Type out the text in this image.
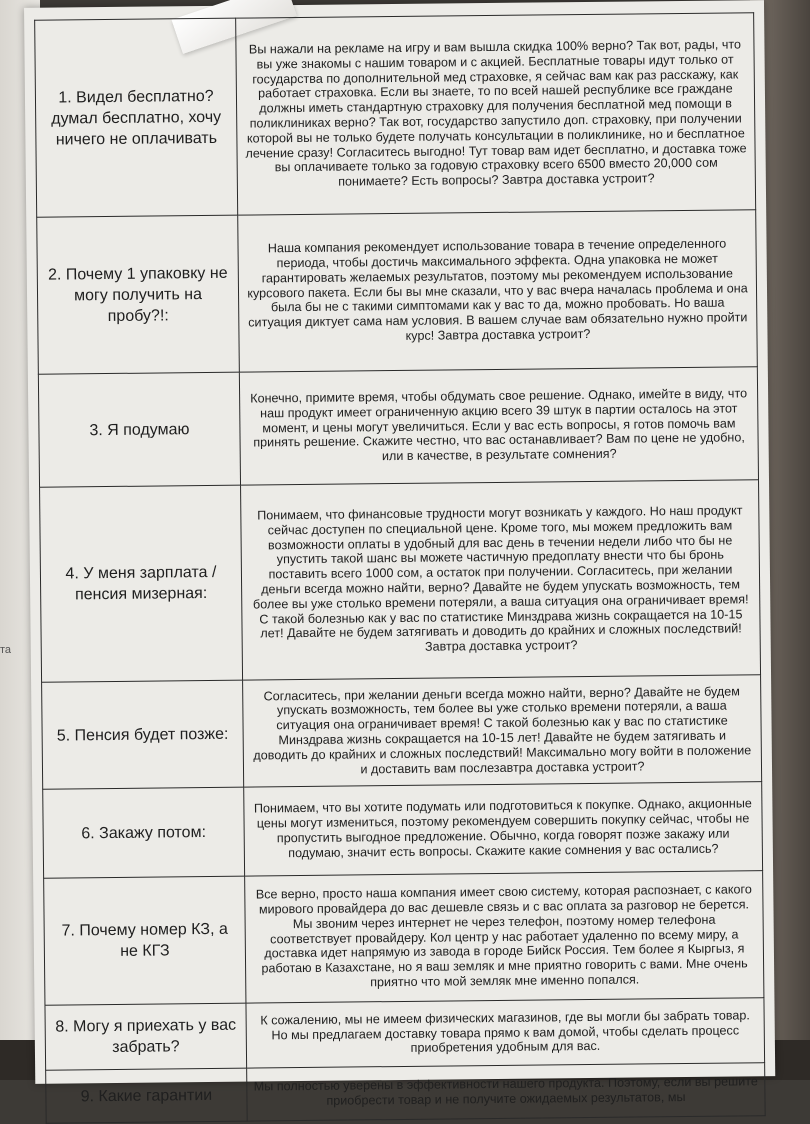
та
1. Видел бесплатно? думал бесплатно, хочу ничего не оплачивать	Вы нажали на рекламе на игру и вам вышла скидка 100% верно? Так вот, рады, что вы уже знакомы с нашим товаром и с акцией. Бесплатные товары идут только от государства по дополнительной мед страховке, я сейчас вам как раз расскажу, как работает страховка. Если вы знаете, то по всей нашей республике все граждане должны иметь стандартную страховку для получения бесплатной мед помощи в поликлиниках верно? Так вот, государство запустило доп. страховку, при получении которой вы не только будете получать консультации в поликлинике, но и бесплатное лечение сразу! Согласитесь выгодно! Тут товар вам идет бесплатно, и доставка тоже вы оплачиваете только за годовую страховку всего 6500 вместо 20,000 сом понимаете? Есть вопросы? Завтра доставка устроит?
2. Почему 1 упаковку не могу получить на пробу?!:	Наша компания рекомендует использование товара в течение определенного периода, чтобы достичь максимального эффекта. Одна упаковка не может гарантировать желаемых результатов, поэтому мы рекомендуем использование курсового пакета. Если бы вы мне сказали, что у вас вчера началась проблема и она была бы не с такими симптомами как у вас то да, можно пробовать. Но ваша ситуация диктует сама нам условия. В вашем случае вам обязательно нужно пройти курс! Завтра доставка устроит?
3. Я подумаю	Конечно, примите время, чтобы обдумать свое решение. Однако, имейте в виду, что наш продукт имеет ограниченную акцию всего 39 штук в партии осталось на этот момент, и цены могут увеличиться. Если у вас есть вопросы, я готов помочь вам принять решение. Скажите честно, что вас останавливает? Вам по цене не удобно, или в качестве, в результате сомнения?
4. У меня зарплата / пенсия мизерная:	Понимаем, что финансовые трудности могут возникать у каждого. Но наш продукт сейчас доступен по специальной цене. Кроме того, мы можем предложить вам возможности оплаты в удобный для вас день в течении недели либо что бы не упустить такой шанс вы можете частичную предоплату внести что бы бронь поставить всего 1000 сом, а остаток при получении. Согласитесь, при желании деньги всегда можно найти, верно? Давайте не будем упускать возможность, тем более вы уже столько времени потеряли, а ваша ситуация она ограничивает время! С такой болезнью как у вас по статистике Минздрава жизнь сокращается на 10-15 лет! Давайте не будем затягивать и доводить до крайних и сложных последствий! Завтра доставка устроит?
5. Пенсия будет позже:	Согласитесь, при желании деньги всегда можно найти, верно? Давайте не будем упускать возможность, тем более вы уже столько времени потеряли, а ваша ситуация она ограничивает время! С такой болезнью как у вас по статистике Минздрава жизнь сокращается на 10-15 лет! Давайте не будем затягивать и доводить до крайних и сложных последствий! Максимально могу войти в положение и доставить вам послезавтра доставка устроит?
6. Закажу потом:	Понимаем, что вы хотите подумать или подготовиться к покупке. Однако, акционные цены могут измениться, поэтому рекомендуем совершить покупку сейчас, чтобы не пропустить выгодное предложение. Обычно, когда говорят позже закажу или подумаю, значит есть вопросы. Скажите какие сомнения у вас остались?
7. Почему номер КЗ, а не КГЗ	Все верно, просто наша компания имеет свою систему, которая распознает, с какого мирового провайдера до вас дешевле связь и с вас оплата за разговор не берется. Мы звоним через интернет не через телефон, поэтому номер телефона соответствует провайдеру. Кол центр у нас работает удаленно по всему миру, а доставка идет напрямую из завода в городе Бийск Россия. Тем более я Кыргыз, я работаю в Казахстане, но я ваш земляк и мне приятно говорить с вами. Мне очень приятно что мой земляк мне именно попался.
8. Могу я приехать у вас забрать?	К сожалению, мы не имеем физических магазинов, где вы могли бы забрать товар. Но мы предлагаем доставку товара прямо к вам домой, чтобы сделать процесс приобретения удобным для вас.
9. Какие гарантии	Мы полностью уверены в эффективности нашего продукта. Поэтому, если вы решите приобрести товар и не получите ожидаемых результатов, мы
